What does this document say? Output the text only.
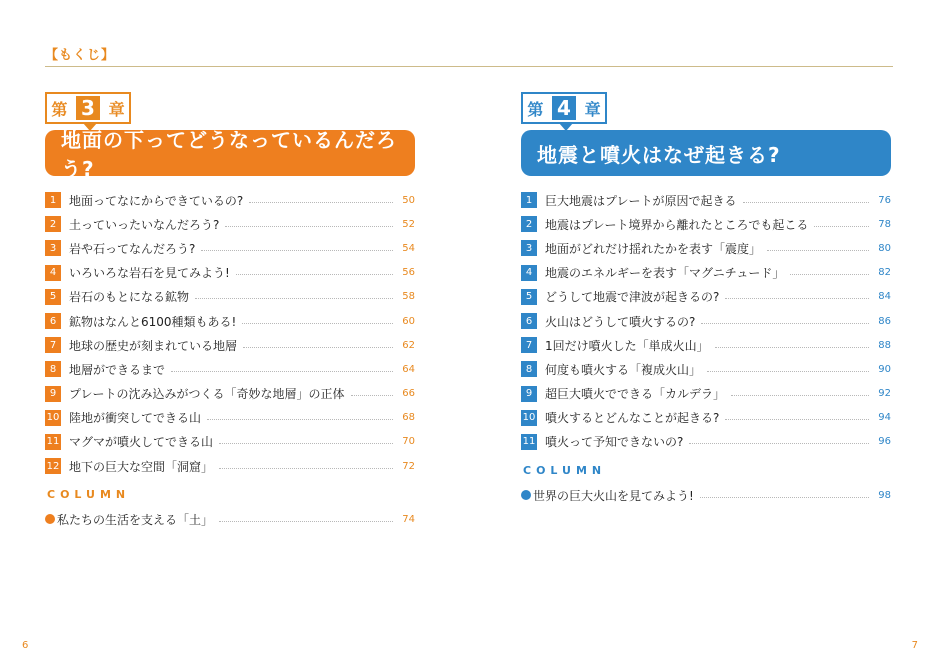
【もくじ】
第 3 章
地面の下ってどうなっているんだろう?
1	地面ってなにからできているの?	50
2	土っていったいなんだろう?	52
3	岩や石ってなんだろう?	54
4	いろいろな岩石を見てみよう!	56
5	岩石のもとになる鉱物	58
6	鉱物はなんと6100種類もある!	60
7	地球の歴史が刻まれている地層	62
8	地層ができるまで	64
9	プレートの沈み込みがつくる「奇妙な地層」の正体	66
10 陸地が衝突してできる山	68
11 マグマが噴火してできる山	70
12 地下の巨大な空間「洞窟」	72
COLUMN
私たちの生活を支える「土」	74
第 4 章
地震と噴火はなぜ起きる?
1	巨大地震はプレートが原因で起きる	76
2	地震はプレート境界から離れたところでも起こる	78
3	地面がどれだけ揺れたかを表す「震度」	80
4	地震のエネルギーを表す「マグニチュード」	82
5	どうして地震で津波が起きるの?	84
6	火山はどうして噴火するの?	86
7	1回だけ噴火した「単成火山」	88
8	何度も噴火する「複成火山」	90
9	超巨大噴火でできる「カルデラ」	92
10 噴火するとどんなことが起きる?	94
11 噴火って予知できないの?	96
COLUMN
世界の巨大火山を見てみよう!	98
6	7
